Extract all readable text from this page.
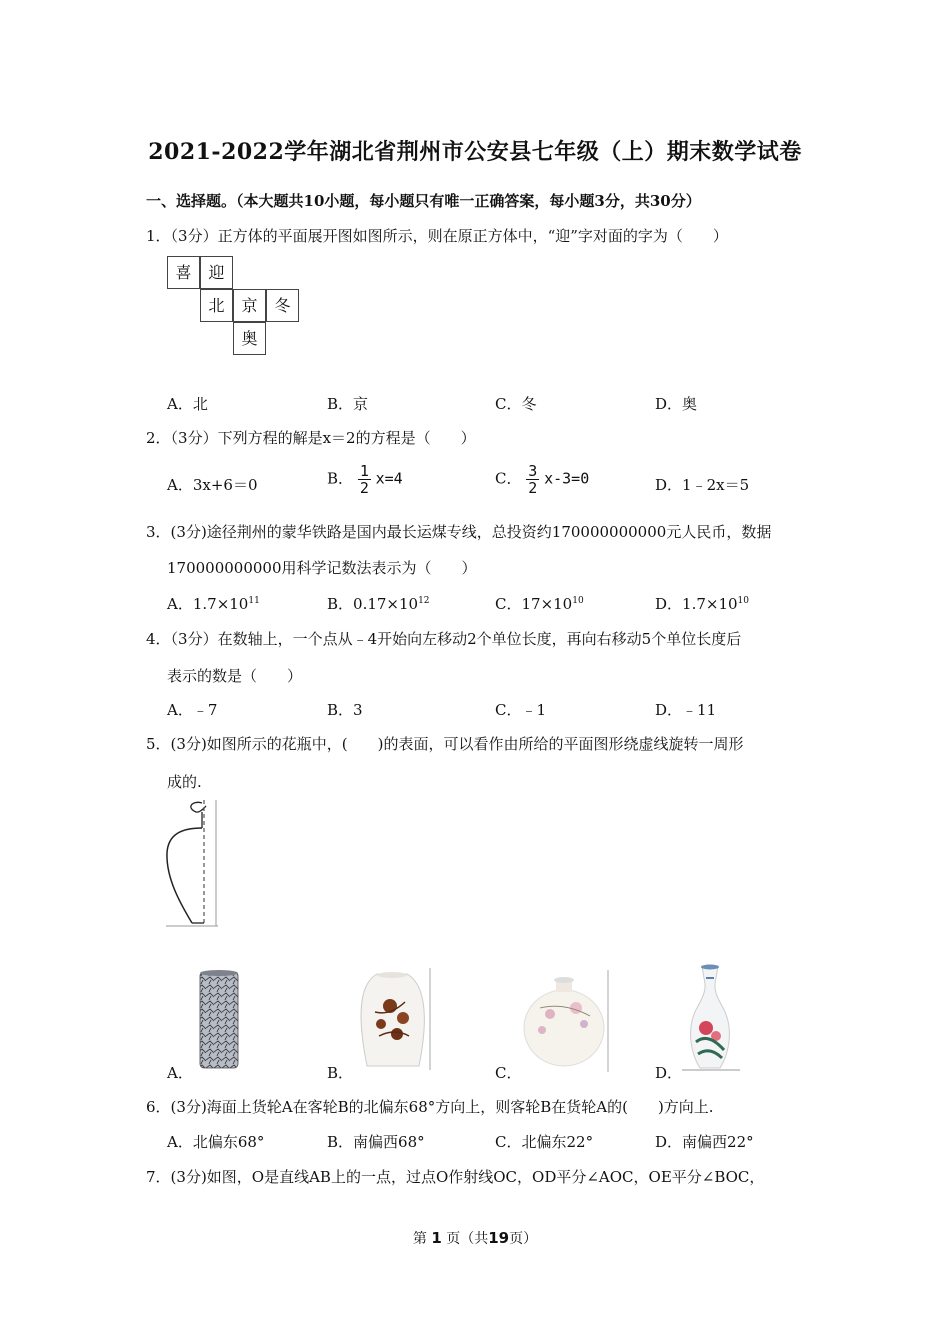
2021-2022学年湖北省荆州市公安县七年级（上）期末数学试卷
一、选择题。（本大题共10小题，每小题只有唯一正确答案，每小题3分，共30分）
1．（3分）正方体的平面展开图如图所示，则在原正方体中，“迎”字对面的字为（　　）
喜	迎
北	京	冬
奥
A．北	B．京	C．冬	D．奥
2．（3分）下列方程的解是x＝2的方程是（　　）
A．3x+6＝0	B． $\frac{1}{2} x=4$	C． $\frac{3}{2} x-3=0$	D．1﹣2x＝5
3．(3分)途径荆州的蒙华铁路是国内最长运煤专线，总投资约170000000000元人民币，数据
170000000000用科学记数法表示为（　　）
A．$1.7\times 10^{11}$	B．$0.17\times 10^{12}$	C．$17\times 10^{10}$	D．$1.7\times 10^{10}$
4．（3分）在数轴上，一个点从﹣4开始向左移动2个单位长度，再向右移动5个单位长度后
表示的数是（　　）
A．﹣7	B．3	C．﹣1	D．﹣11
5．(3分)如图所示的花瓶中，(　　)的表面，可以看作由所给的平面图形绕虚线旋转一周形
成的.
A．	B．	C．	D．
6．(3分)海面上货轮A在客轮B的北偏东68°方向上，则客轮B在货轮A的(　　)方向上.
A．北偏东68°	B．南偏西68°	C．北偏东22°	D．南偏西22°
7．(3分)如图，O是直线AB上的一点，过点O作射线OC，OD平分∠AOC，OE平分∠BOC，
第 1 页（共19页）
